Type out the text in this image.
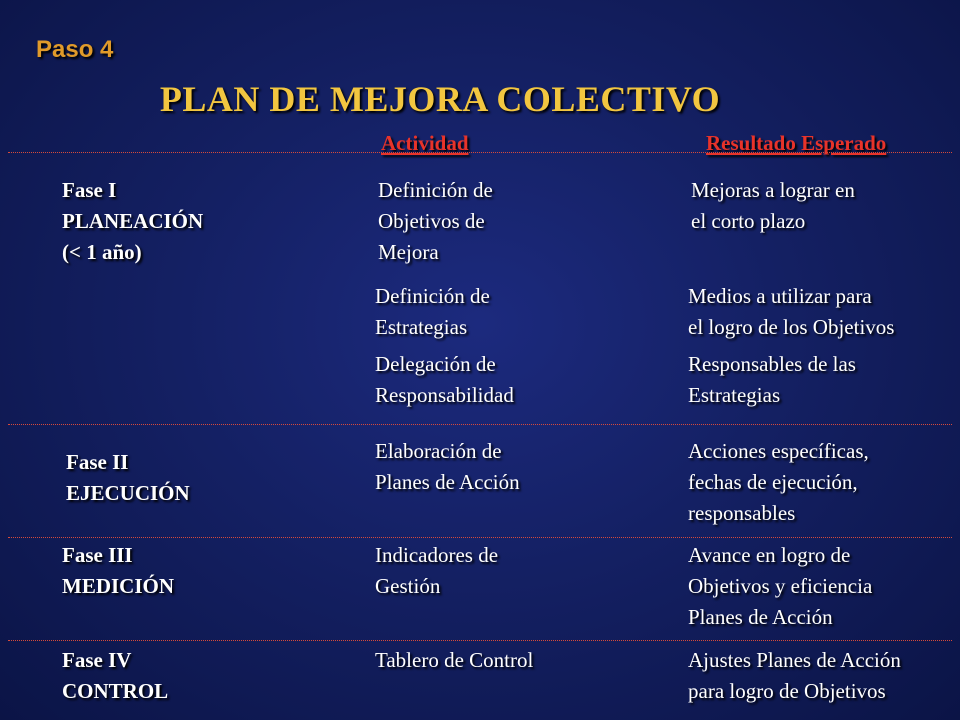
Paso 4
PLAN DE MEJORA COLECTIVO
Actividad	Resultado Esperado
Fase I
PLANEACIÓN
(< 1 año)
Definición de
Objetivos de
Mejora
Mejoras a lograr en
el corto plazo
Definición de
Estrategias
Medios a utilizar para
el logro de los Objetivos
Delegación de
Responsabilidad
Responsables de las
Estrategias
Fase II
EJECUCIÓN
Elaboración de
Planes de Acción
Acciones específicas,
fechas de ejecución,
responsables
Fase III
MEDICIÓN
Indicadores de
Gestión
Avance en logro de
Objetivos y eficiencia
Planes de Acción
Fase IV
CONTROL
Tablero de Control	Ajustes Planes de Acción
para logro de Objetivos
